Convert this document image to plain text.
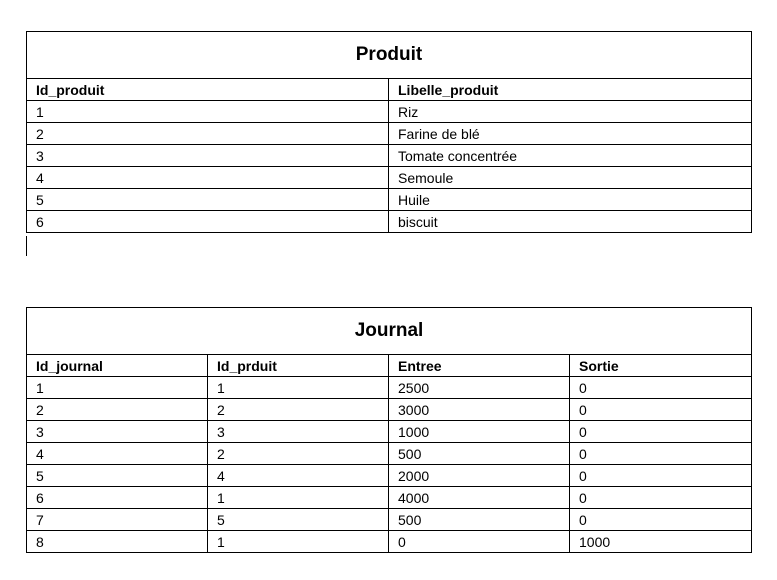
Produit	
Id_produit	Libelle_produit
1	Riz
2	Farine de blé
3	Tomate concentrée
4	Semoule
5	Huile
6	biscuit
Journal			
Id_journal	Id_prduit	Entree	Sortie
1	1	2500	0
2	2	3000	0
3	3	1000	0
4	2	500	0
5	4	2000	0
6	1	4000	0
7	5	500	0
8	1	0	1000
